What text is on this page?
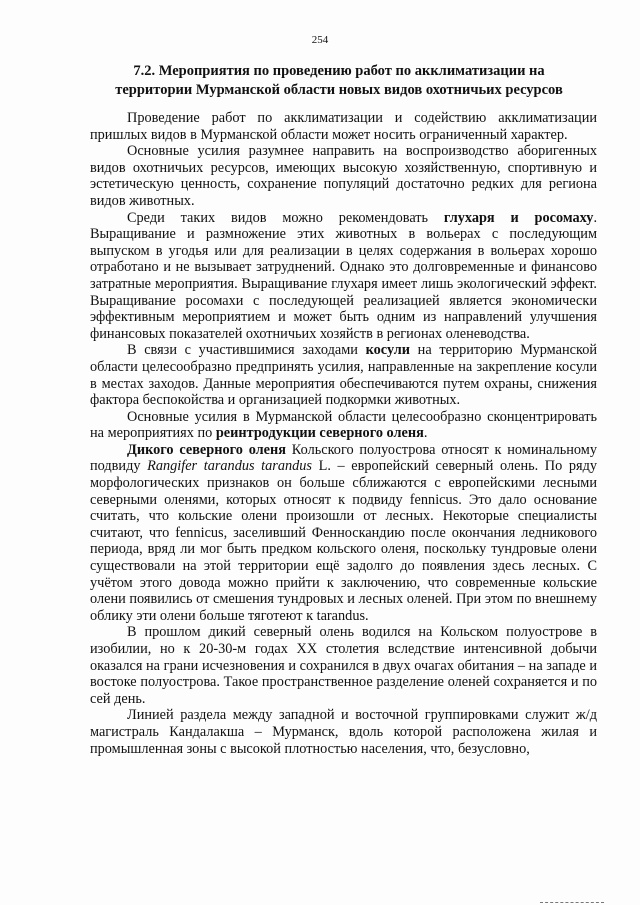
254
7.2. Мероприятия по проведению работ по акклиматизации на
территории Мурманской области новых видов охотничьих ресурсов

Проведение работ по акклиматизации и содействию акклиматизации пришлых видов в Мурманской области может носить ограниченный характер.

Основные усилия разумнее направить на воспроизводство аборигенных видов охотничьих ресурсов, имеющих высокую хозяйственную, спортивную и эстетическую ценность, сохранение популяций достаточно редких для региона видов животных.

Среди таких видов можно рекомендовать глухаря и росомаху. Выращивание и размножение этих животных в вольерах с последующим выпуском в угодья или для реализации в целях содержания в вольерах хорошо отработано и не вызывает затруднений. Однако это долговременные и финансово затратные мероприятия. Выращивание глухаря имеет лишь экологический эффект. Выращивание росомахи с последующей реализацией является экономически эффективным мероприятием и может быть одним из направлений улучшения финансовых показателей охотничьих хозяйств в регионах оленеводства.

В связи с участившимися заходами косули на территорию Мурманской области целесообразно предпринять усилия, направленные на закрепление косули в местах заходов. Данные мероприятия обеспечиваются путем охраны, снижения фактора беспокойства и организацией подкормки животных.

Основные усилия в Мурманской области целесообразно сконцентрировать на мероприятиях по реинтродукции северного оленя.

Дикого северного оленя Кольского полуострова относят к номинальному подвиду Rangifer tarandus tarandus L. – европейский северный олень. По ряду морфологических признаков он больше сближаются с европейскими лесными северными оленями, которых относят к подвиду fennicus. Это дало основание считать, что кольские олени произошли от лесных. Некоторые специалисты считают, что fennicus, заселивший Фенноскандию после окончания ледникового периода, вряд ли мог быть предком кольского оленя, поскольку тундровые олени существовали на этой территории ещё задолго до появления здесь лесных. С учётом этого довода можно прийти к заключению, что современные кольские олени появились от смешения тундровых и лесных оленей. При этом по внешнему облику эти олени больше тяготеют к tarandus.

В прошлом дикий северный олень водился на Кольском полуострове в изобилии, но к 20-30-м годах XX столетия вследствие интенсивной добычи оказался на грани исчезновения и сохранился в двух очагах обитания – на западе и востоке полуострова. Такое пространственное разделение оленей сохраняется и по сей день.

Линией раздела между западной и восточной группировками служит ж/д магистраль Кандалакша – Мурманск, вдоль которой расположена жилая и промышленная зоны с высокой плотностью населения, что, безусловно,
